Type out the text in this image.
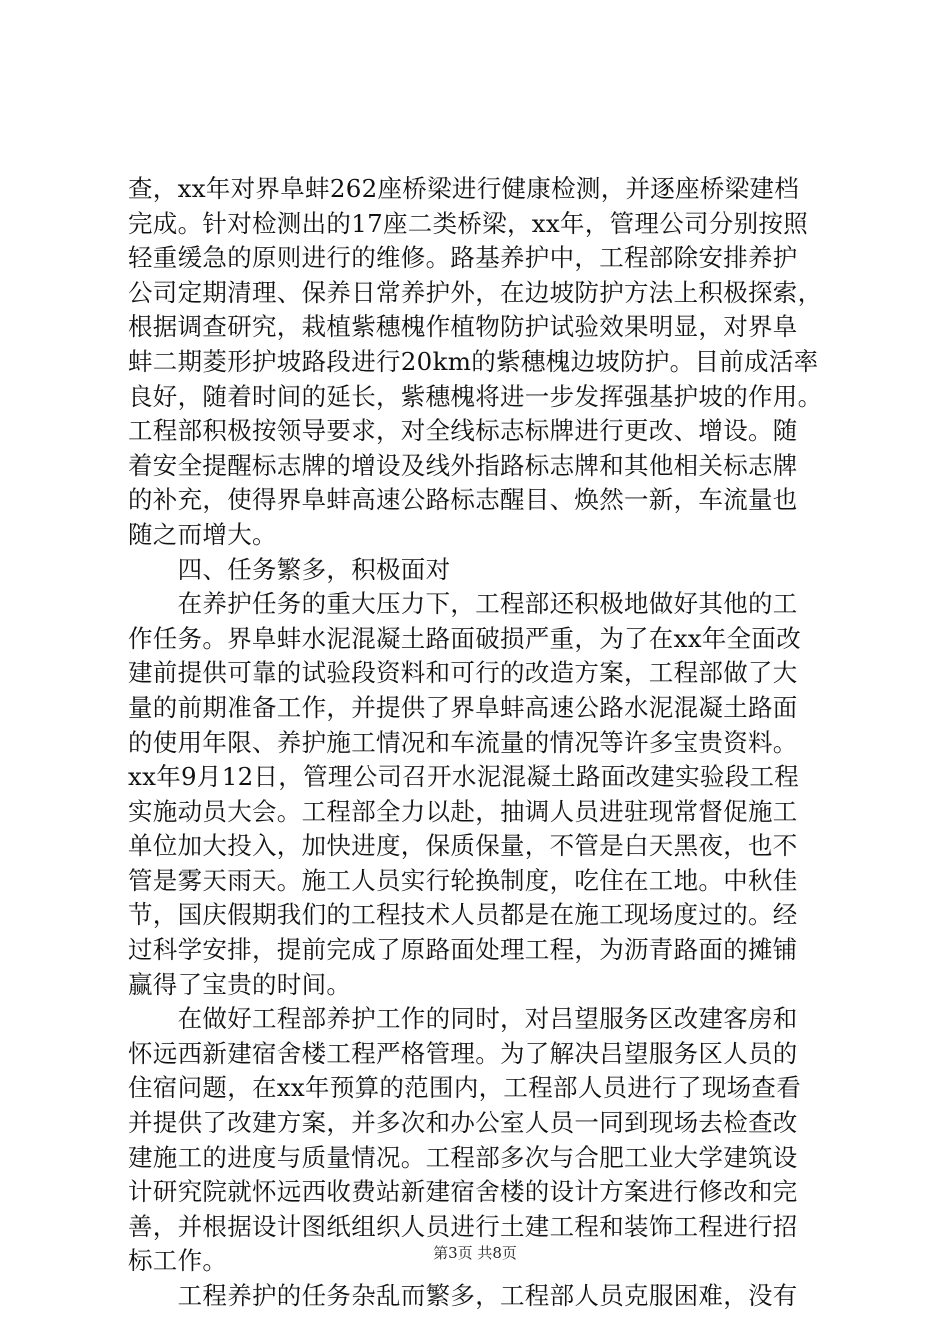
查，xx年对界阜蚌262座桥梁进行健康检测，并逐座桥梁建档
完成。针对检测出的17座二类桥梁，xx年，管理公司分别按照
轻重缓急的原则进行的维修。路基养护中，工程部除安排养护
公司定期清理、保养日常养护外，在边坡防护方法上积极探索，
根据调查研究，栽植紫穗槐作植物防护试验效果明显，对界阜
蚌二期菱形护坡路段进行20km的紫穗槐边坡防护。目前成活率
良好，随着时间的延长，紫穗槐将进一步发挥强基护坡的作用。
工程部积极按领导要求，对全线标志标牌进行更改、增设。随
着安全提醒标志牌的增设及线外指路标志牌和其他相关标志牌
的补充，使得界阜蚌高速公路标志醒目、焕然一新，车流量也
随之而增大。
　　四、任务繁多，积极面对
　　在养护任务的重大压力下，工程部还积极地做好其他的工
作任务。界阜蚌水泥混凝土路面破损严重，为了在xx年全面改
建前提供可靠的试验段资料和可行的改造方案，工程部做了大
量的前期准备工作，并提供了界阜蚌高速公路水泥混凝土路面
的使用年限、养护施工情况和车流量的情况等许多宝贵资料。
xx年9月12日，管理公司召开水泥混凝土路面改建实验段工程
实施动员大会。工程部全力以赴，抽调人员进驻现常督促施工
单位加大投入，加快进度，保质保量，不管是白天黑夜，也不
管是雾天雨天。施工人员实行轮换制度，吃住在工地。中秋佳
节，国庆假期我们的工程技术人员都是在施工现场度过的。经
过科学安排，提前完成了原路面处理工程，为沥青路面的摊铺
赢得了宝贵的时间。
　　在做好工程部养护工作的同时，对吕望服务区改建客房和
怀远西新建宿舍楼工程严格管理。为了解决吕望服务区人员的
住宿问题，在xx年预算的范围内，工程部人员进行了现场查看
并提供了改建方案，并多次和办公室人员一同到现场去检查改
建施工的进度与质量情况。工程部多次与合肥工业大学建筑设
计研究院就怀远西收费站新建宿舍楼的设计方案进行修改和完
善，并根据设计图纸组织人员进行土建工程和装饰工程进行招
标工作。
　　工程养护的任务杂乱而繁多，工程部人员克服困难，没有
第3页 共8页
